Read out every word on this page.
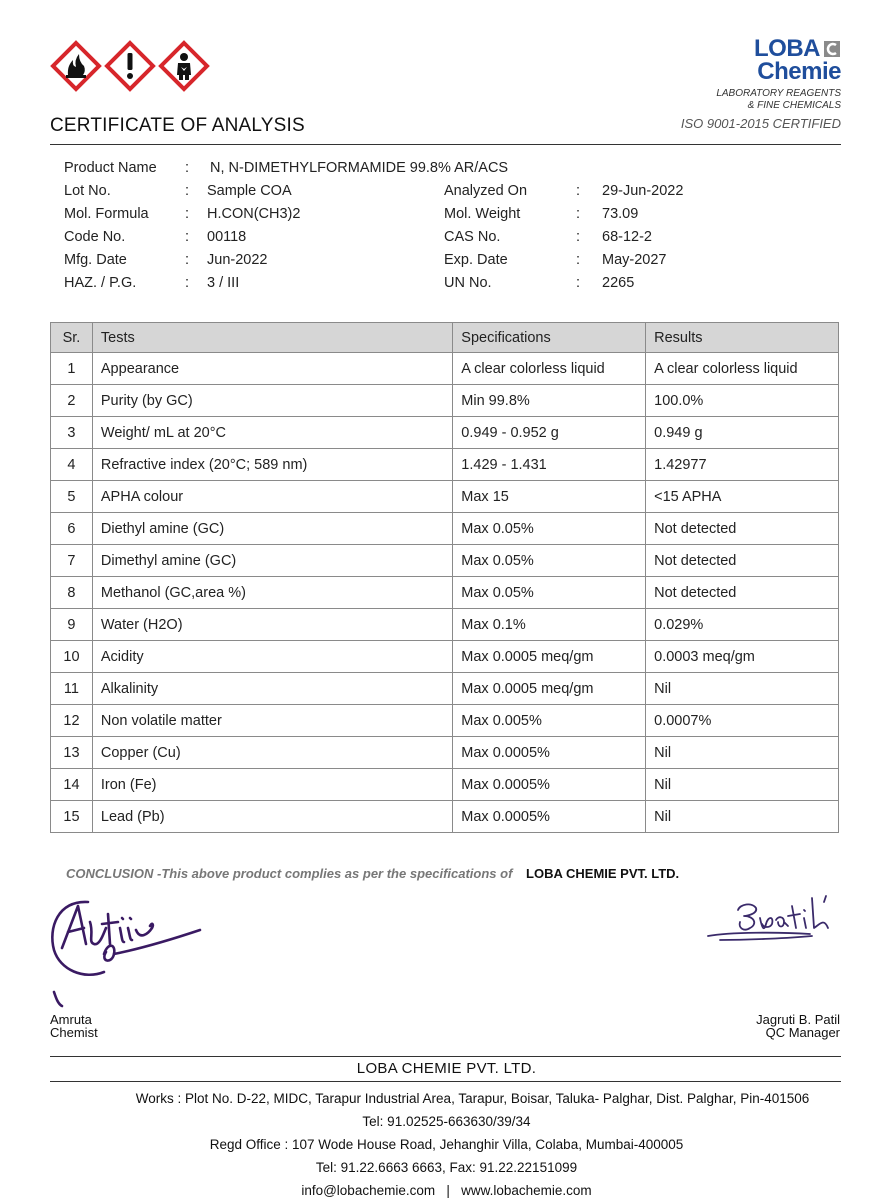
LOBA
Chemie
LABORATORY REAGENTS
& FINE CHEMICALS
ISO 9001-2015 CERTIFIED
CERTIFICATE OF ANALYSIS
Product Name : N, N-DIMETHYLFORMAMIDE 99.8% AR/ACS
Lot No.	: Sample COA	Analyzed On	: 29-Jun-2022
Mol. Formula	: H.CON(CH3)2	Mol. Weight	: 73.09
Code No.	: 00118	CAS No.	: 68-12-2
Mfg. Date	: Jun-2022	Exp. Date	: May-2027
HAZ. / P.G.	: 3 / III	UN No.	: 2265
Sr.	Tests	Specifications	Results
1	Appearance	A clear colorless liquid	A clear colorless liquid
2	Purity (by GC)	Min 99.8%	100.0%
3	Weight/ mL at 20°C	0.949 - 0.952 g	0.949 g
4	Refractive index (20°C; 589 nm)	1.429 - 1.431	1.42977
5	APHA colour	Max 15	<15 APHA
6	Diethyl amine (GC)	Max 0.05%	Not detected
7	Dimethyl amine (GC)	Max 0.05%	Not detected
8	Methanol (GC,area %)	Max 0.05%	Not detected
9	Water (H2O)	Max 0.1%	0.029%
10	Acidity	Max 0.0005 meq/gm	0.0003 meq/gm
11	Alkalinity	Max 0.0005 meq/gm	Nil
12	Non volatile matter	Max 0.005%	0.0007%
13	Copper (Cu)	Max 0.0005%	Nil
14	Iron (Fe)	Max 0.0005%	Nil
15	Lead (Pb)	Max 0.0005%	Nil
CONCLUSION -This above product complies as per the specifications of LOBA CHEMIE PVT. LTD.
Amruta
Chemist
Jagruti B. Patil
QC Manager
LOBA CHEMIE PVT. LTD.
Works : Plot No. D-22, MIDC, Tarapur Industrial Area, Tarapur, Boisar, Taluka- Palghar, Dist. Palghar, Pin-401506
Tel: 91.02525-663630/39/34
Regd Office : 107 Wode House Road, Jehanghir Villa, Colaba, Mumbai-400005
Tel: 91.22.6663 6663, Fax: 91.22.22151099
info@lobachemie.com   |   www.lobachemie.com
